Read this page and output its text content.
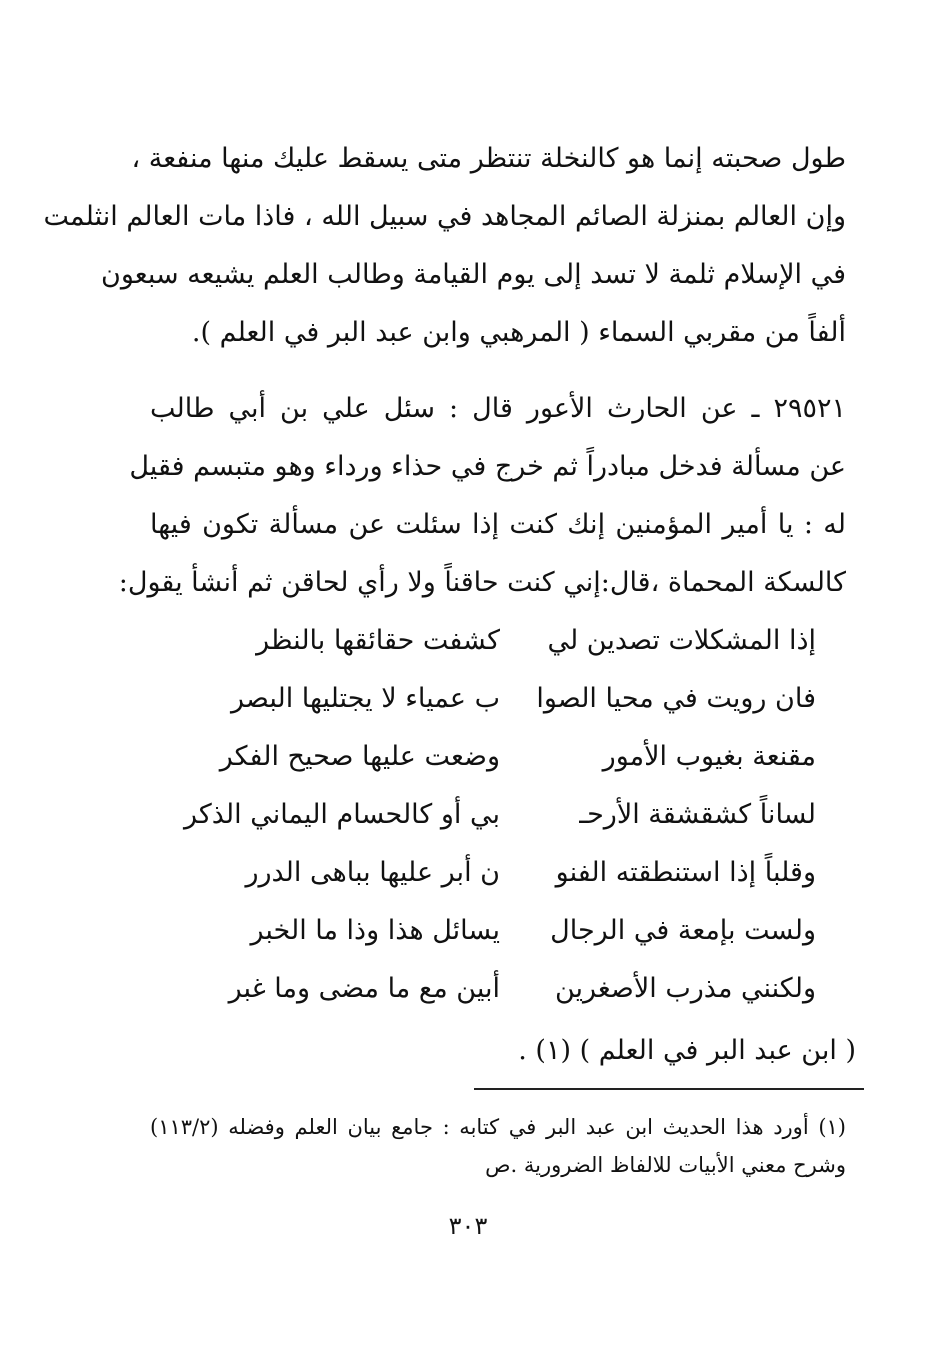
طول صحبته إنما هو كالنخلة تنتظر متى يسقط عليك منها منفعة ،
وإن العالم بمنزلة الصائم المجاهد في سبيل الله ، فاذا مات العالم انثلمت
في الإسلام ثلمة لا تسد إلى يوم القيامة وطالب العلم يشيعه سبعون
ألفاً من مقربي السماء ( المرهبي وابن عبد البر في العلم ).
٢٩٥٢١ ـ عن الحارث الأعور قال : سئل علي بن أبي طالب
عن مسألة فدخل مبادراً ثم خرج في حذاء ورداء وهو متبسم فقيل
له : يا أمير المؤمنين إنك كنت إذا سئلت عن مسألة تكون فيها
كالسكة المحماة ،قال:إني كنت حاقناً ولا رأي لحاقن ثم أنشأ يقول:
إذا المشكلات تصدين لي
كشفت حقائقها بالنظر
فان رويت في محيا الصوا
ب عمياء لا يجتليها البصر
مقنعة بغيوب الأمور
وضعت عليها صحيح الفكر
لساناً كشقشقة الأرحـ
بي أو كالحسام اليماني الذكر
وقلباً إذا استنطقته الفنو
ن أبر عليها بباهى الدرر
ولست بإمعة في الرجال
يسائل هذا وذا ما الخبر
ولكنني مذرب الأصغرين
أبين مع ما مضى وما غبر
( ابن عبد البر في العلم ) (١) .
(١) أورد هذا الحديث ابن عبد البر في كتابه : جامع بيان العلم وفضله (١١٣/٢)
وشرح معني الأبيات للالفاظ الضرورية .ص
٣٠٣
